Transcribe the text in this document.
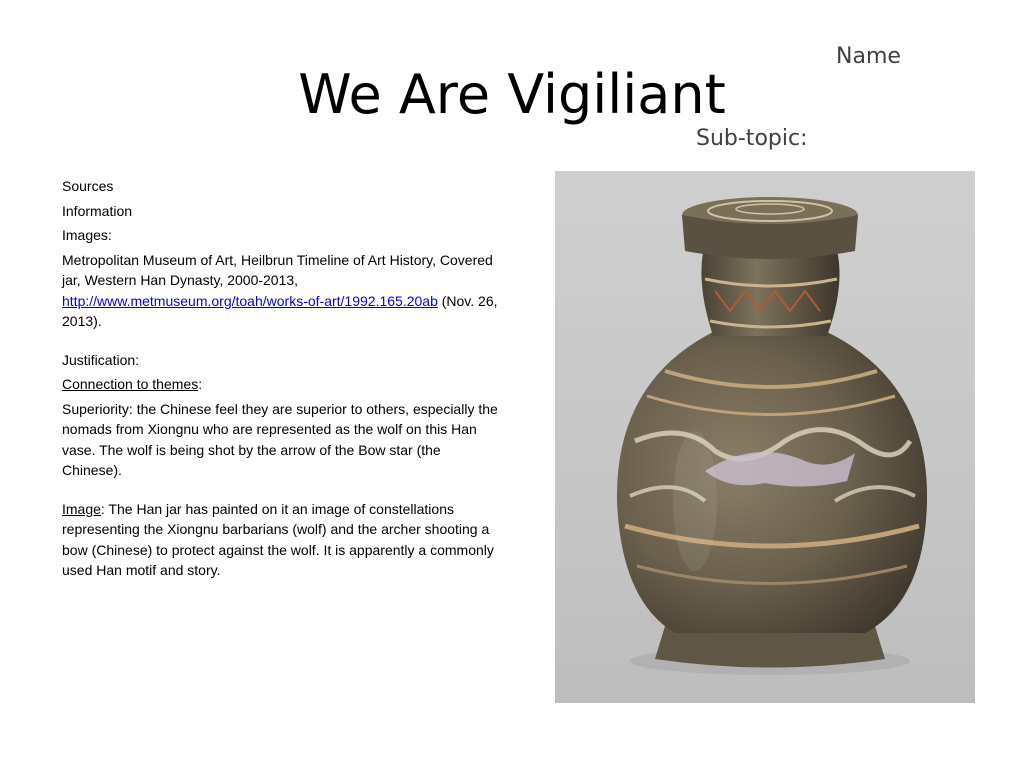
Name
We Are Vigiliant
Sub-topic:

Sources

Information

Images:

Metropolitan Museum of Art, Heilbrun Timeline of Art History, Covered jar, Western Han Dynasty, 2000-2013, http://www.metmuseum.org/toah/works-of-art/1992.165.20ab (Nov. 26, 2013).

Justification:

Connection to themes:

Superiority: the Chinese feel they are superior to others, especially the nomads from Xiongnu who are represented as the wolf on this Han vase. The wolf is being shot by the arrow of the Bow star (the Chinese).

Image: The Han jar has painted on it an image of constellations representing the Xiongnu barbarians (wolf) and the archer shooting a bow (Chinese) to protect against the wolf. It is apparently a commonly used Han motif and story.
